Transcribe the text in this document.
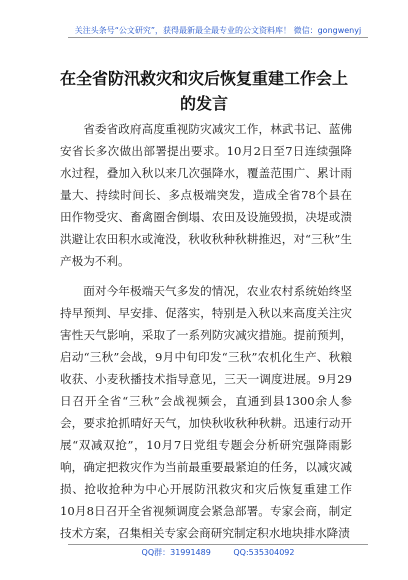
关注头条号“公文研究”，获得最新最全最专业的公文资料库！ 微信：gongwenyj
在全省防汛救灾和灾后恢复重建工作会上的发言

省委省政府高度重视防灾减灾工作，林武书记、蓝佛安省长多次做出部署提出要求。10月2日至7日连续强降水过程，叠加入秋以来几次强降水，覆盖范围广、累计雨量大、持续时间长、多点极端突发，造成全省78个县在田作物受灾、畜禽圈舍倒塌、农田及设施毁损，决堤或溃洪避让农田积水或淹没，秋收秋种秋耕推迟，对“三秋”生产极为不利。

面对今年极端天气多发的情况，农业农村系统始终坚持早预判、早安排、促落实，特别是入秋以来高度关注灾害性天气影响，采取了一系列防灾减灾措施。提前预判，启动“三秋”会战，9月中旬印发“三秋”农机化生产、秋粮收获、小麦秋播技术指导意见，三天一调度进展。9月29日召开全省“三秋”会战视频会，直通到县1300余人参会，要求抢抓晴好天气，加快秋收秋种秋耕。迅速行动开展“双减双抢”，10月7日党组专题会分析研究强降雨影响，确定把救灾作为当前最重要最紧迫的任务，以减灾减损、抢收抢种为中心开展防汛救灾和灾后恢复重建工作10月8日召开全省视频调度会紧急部署。专家会商，制定技术方案，召集相关专家会商研究制定积水地块排水降渍

QQ群：31991489	QQ:535304092
